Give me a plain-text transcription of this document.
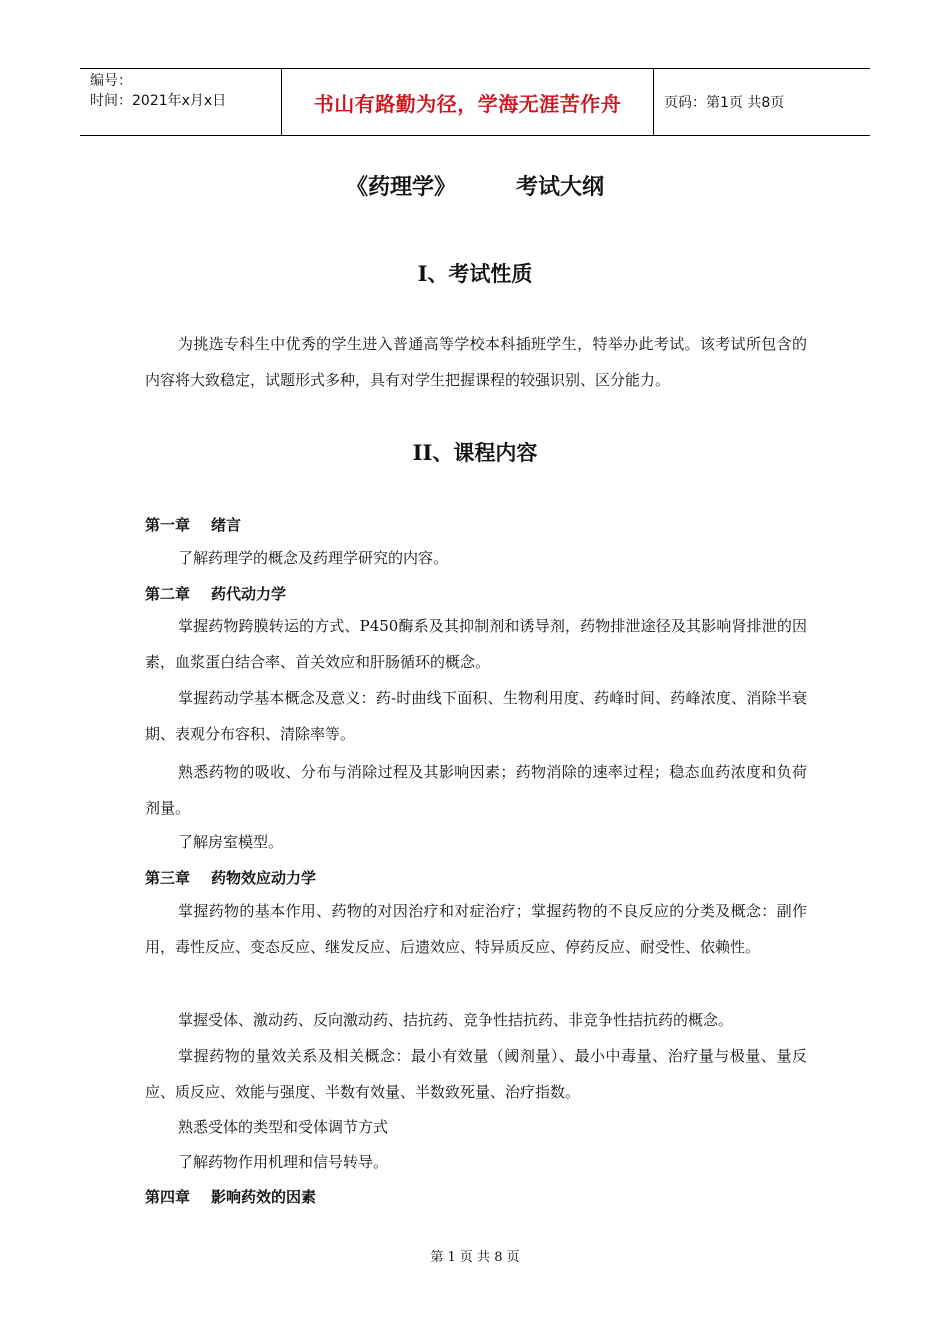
编号：
时间：2021年x月x日	书山有路勤为径，学海无涯苦作舟	页码：第1页 共8页
《药理学》	考试大纲
I、考试性质
为挑选专科生中优秀的学生进入普通高等学校本科插班学生，特举办此考试。该考试所包含的内容将大致稳定，试题形式多种，具有对学生把握课程的较强识别、区分能力。
II、课程内容
第一章 绪言
了解药理学的概念及药理学研究的内容。
第二章 药代动力学
掌握药物跨膜转运的方式、P450酶系及其抑制剂和诱导剂，药物排泄途径及其影响肾排泄的因素，血浆蛋白结合率、首关效应和肝肠循环的概念。
掌握药动学基本概念及意义：药-时曲线下面积、生物利用度、药峰时间、药峰浓度、消除半衰期、表观分布容积、清除率等。
熟悉药物的吸收、分布与消除过程及其影响因素；药物消除的速率过程；稳态血药浓度和负荷剂量。
了解房室模型。
第三章 药物效应动力学
掌握药物的基本作用、药物的对因治疗和对症治疗；掌握药物的不良反应的分类及概念：副作用，毒性反应、变态反应、继发反应、后遗效应、特异质反应、停药反应、耐受性、依赖性。
掌握受体、激动药、反向激动药、拮抗药、竞争性拮抗药、非竞争性拮抗药的概念。
掌握药物的量效关系及相关概念：最小有效量（阈剂量）、最小中毒量、治疗量与极量、量反应、质反应、效能与强度、半数有效量、半数致死量、治疗指数。
熟悉受体的类型和受体调节方式
了解药物作用机理和信号转导。
第四章 影响药效的因素
第 1 页 共 8 页
